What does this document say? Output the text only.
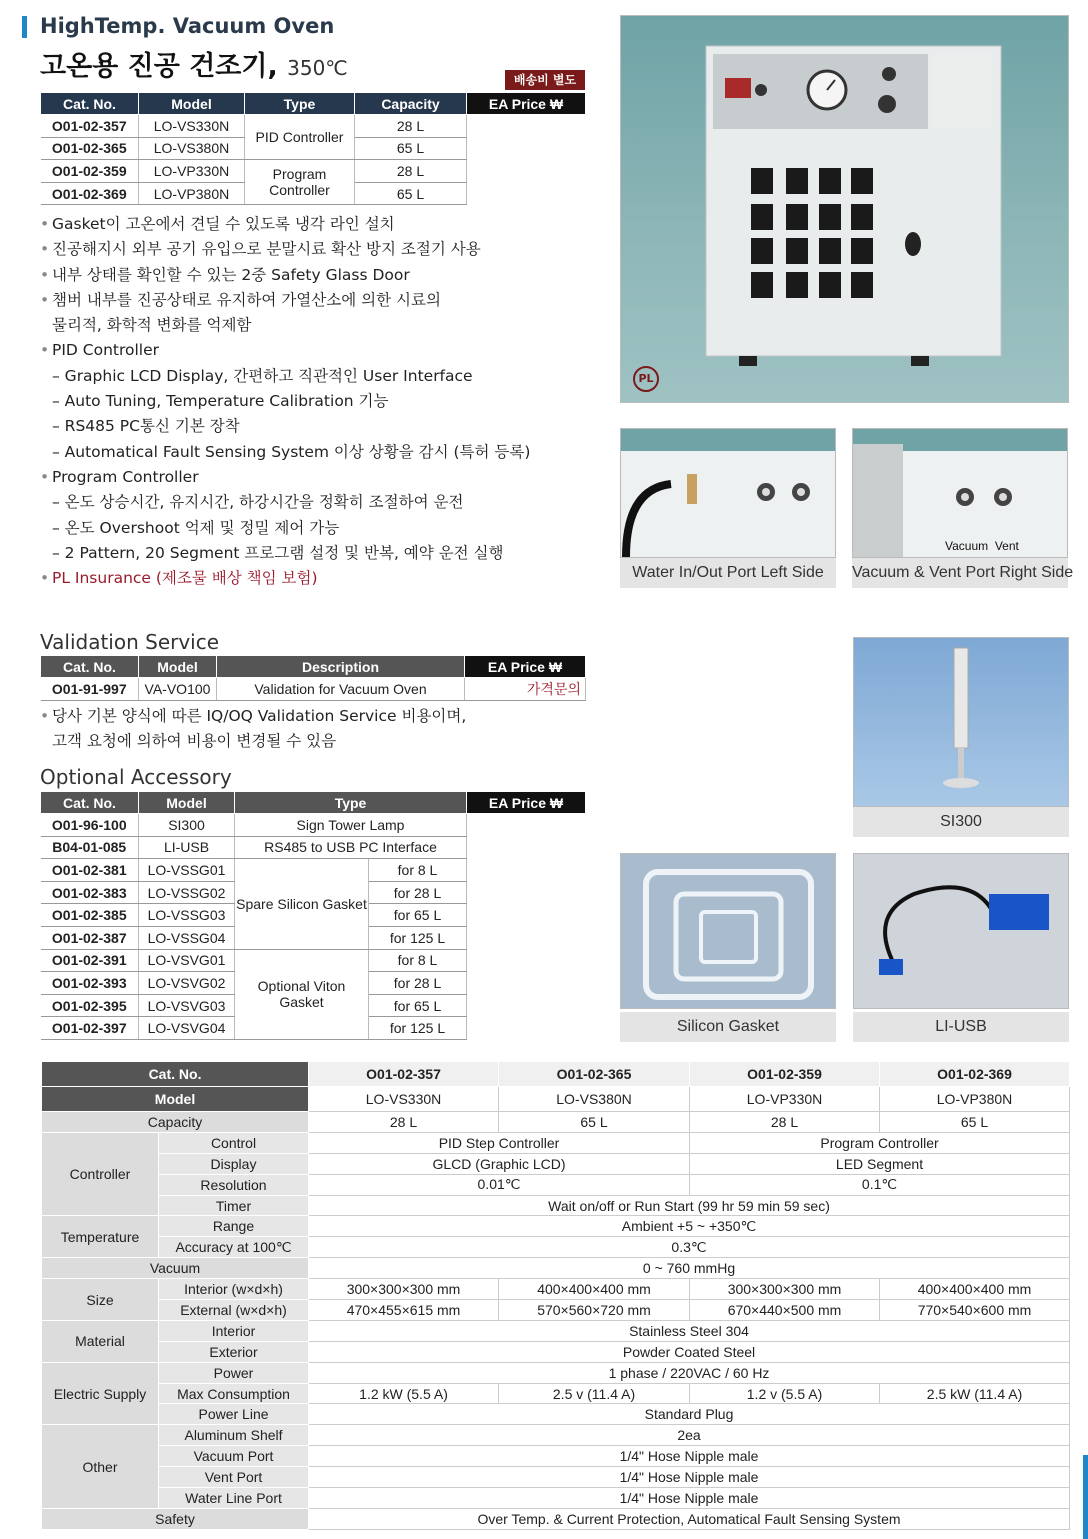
HighTemp. Vacuum Oven
고온용 진공 건조기, 350℃	배송비 별도
Cat. No.	Model	Type	Capacity	EA Price ₩
O01-02-357	LO-VS330N	PID Controller	28 L	
O01-02-365	LO-VS380N		65 L	
O01-02-359	LO-VP330N	Program Controller	28 L	
O01-02-369	LO-VP380N		65 L	
• Gasket이 고온에서 견딜 수 있도록 냉각 라인 설치
• 진공해지시 외부 공기 유입으로 분말시료 확산 방지 조절기 사용
• 내부 상태를 확인할 수 있는 2중 Safety Glass Door
• 챔버 내부를 진공상태로 유지하여 가열산소에 의한 시료의
물리적, 화학적 변화를 억제함
• PID Controller
– Graphic LCD Display, 간편하고 직관적인 User Interface
– Auto Tuning, Temperature Calibration 기능
– RS485 PC통신 기본 장착
– Automatical Fault Sensing System 이상 상황을 감시 (특허 등록)
• Program Controller
– 온도 상승시간, 유지시간, 하강시간을 정확히 조절하여 운전
– 온도 Overshoot 억제 및 정밀 제어 가능
– 2 Pattern, 20 Segment 프로그램 설정 및 반복, 예약 운전 실행
• PL Insurance (제조물 배상 책임 보험)
Validation Service
Cat. No.	Model	Description	EA Price ₩
O01-91-997	VA-VO100	Validation for Vacuum Oven	가격문의
• 당사 기본 양식에 따른 IQ/OQ Validation Service 비용이며,
고객 요청에 의하여 비용이 변경될 수 있음
Optional Accessory
Cat. No.	Model	Type		EA Price ₩
O01-96-100	SI300	Sign Tower Lamp		
B04-01-085	LI-USB	RS485 to USB PC Interface		
O01-02-381	LO-VSSG01	Spare Silicon Gasket	for 8 L	
O01-02-383	LO-VSSG02		for 28 L	
O01-02-385	LO-VSSG03		for 65 L	
O01-02-387	LO-VSSG04		for 125 L	
O01-02-391	LO-VSVG01	Optional Viton Gasket	for 8 L	
O01-02-393	LO-VSVG02		for 28 L	
O01-02-395	LO-VSVG03		for 65 L	
O01-02-397	LO-VSVG04		for 125 L	
PL
Water In/Out Port Left Side
Vacuum Vent
Vacuum & Vent Port Right Side
SI300
Silicon Gasket	LI-USB
Cat. No.		O01-02-357	O01-02-365	O01-02-359	O01-02-369
Model		LO-VS330N	LO-VS380N	LO-VP330N	LO-VP380N
Capacity		28 L	65 L	28 L	65 L
Controller	Control	PID Step Controller		Program Controller	
	Display	GLCD (Graphic LCD)		LED Segment	
	Resolution	0.01℃		0.1℃	
	Timer	Wait on/off or Run Start (99 hr 59 min 59 sec)			
Temperature	Range	Ambient +5 ~ +350℃			
	Accuracy at 100℃	0.3℃			
Vacuum		0 ~ 760 mmHg			
Size	Interior (w×d×h)	300×300×300 mm	400×400×400 mm	300×300×300 mm	400×400×400 mm
	External (w×d×h)	470×455×615 mm	570×560×720 mm	670×440×500 mm	770×540×600 mm
Material	Interior	Stainless Steel 304			
	Exterior	Powder Coated Steel			
Electric Supply	Power	1 phase / 220VAC / 60 Hz			
	Max Consumption	1.2 kW (5.5 A)	2.5 v (11.4 A)	1.2 v (5.5 A)	2.5 kW (11.4 A)
	Power Line	Standard Plug			
Other	Aluminum Shelf	2ea			
	Vacuum Port	1/4" Hose Nipple male			
	Vent Port	1/4" Hose Nipple male			
	Water Line Port	1/4" Hose Nipple male			
Safety		Over Temp. & Current Protection, Automatical Fault Sensing System			
